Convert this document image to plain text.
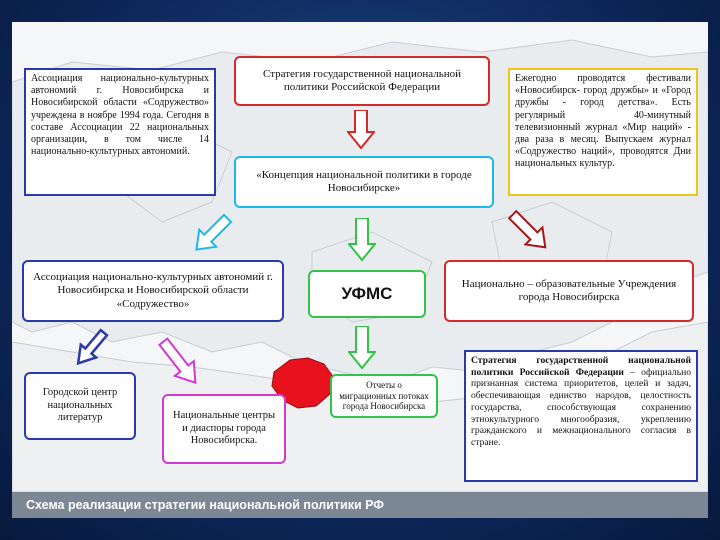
Ассоциация национально-культурных автономий г. Новосибирска и Новосибирской области «Содружество» учреждена в ноябре 1994 года. Сегодня в составе Ассоциации 22 национальных организации, в том числе 14 национально-культурных автономий.
Стратегия государственной национальной политики Российской Федерации
Ежегодно проводятся фестивали «Новосибирск- город дружбы» и «Город дружбы - город детства». Есть регулярный 40-минутный телевизионный журнал «Мир наций» - два раза в месяц. Выпускаем журнал «Содружество наций», проводятся Дни национальных культур.
«Концепция национальной политики в городе Новосибирске»
Ассоциация национально-культурных автономий г. Новосибирска и Новосибирской области «Содружество»
УФМС
Национально – образовательные Учреждения города Новосибирска
Городской центр национальных литератур	Национальные центры и диаспоры города Новосибирска.
Отчеты о миграционных потоках города Новосибирска
Стратегия государственной национальной политики Российской Федерации – официально признанная система приоритетов, целей и задач, обеспечивающая единство народов, целостность государства, способствующая сохранению этнокультурного многообразия, укреплению гражданского и межнационального согласия в стране.
Схема реализации стратегии национальной политики РФ
